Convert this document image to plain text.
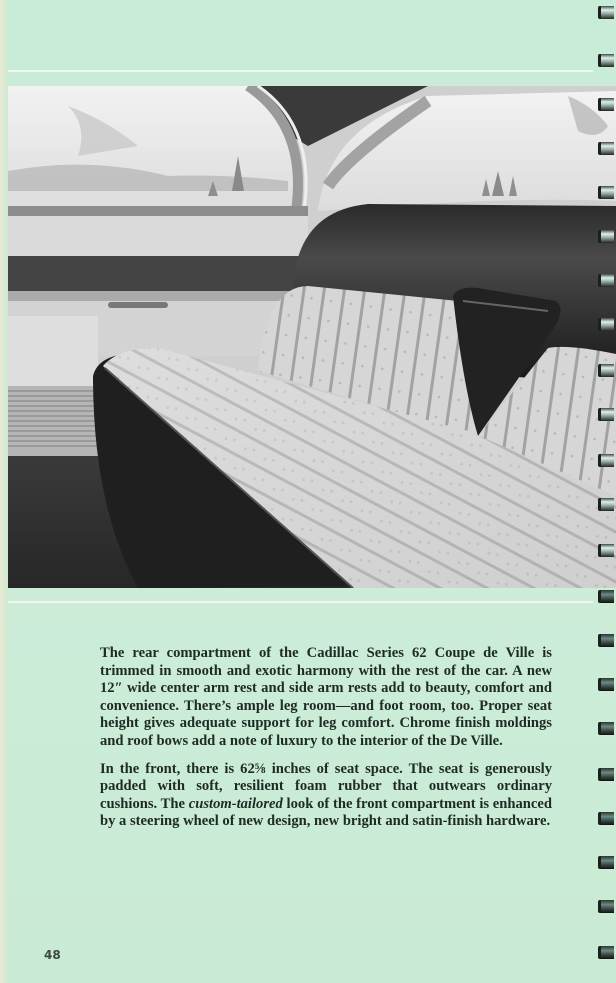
The rear compartment of the Cadillac Series 62 Coupe de Ville is trimmed in smooth and exotic harmony with the rest of the car. A new 12″ wide center arm rest and side arm rests add to beauty, comfort and convenience. There’s ample leg room—and foot room, too. Proper seat height gives adequate support for leg comfort. Chrome finish moldings and roof bows add a note of luxury to the interior of the De Ville.

In the front, there is 62⅝ inches of seat space. The seat is generously padded with soft, resilient foam rubber that outwears ordinary cushions. The custom-tailored look of the front compartment is enhanced by a steering wheel of new design, new bright and satin-finish hardware.

48
